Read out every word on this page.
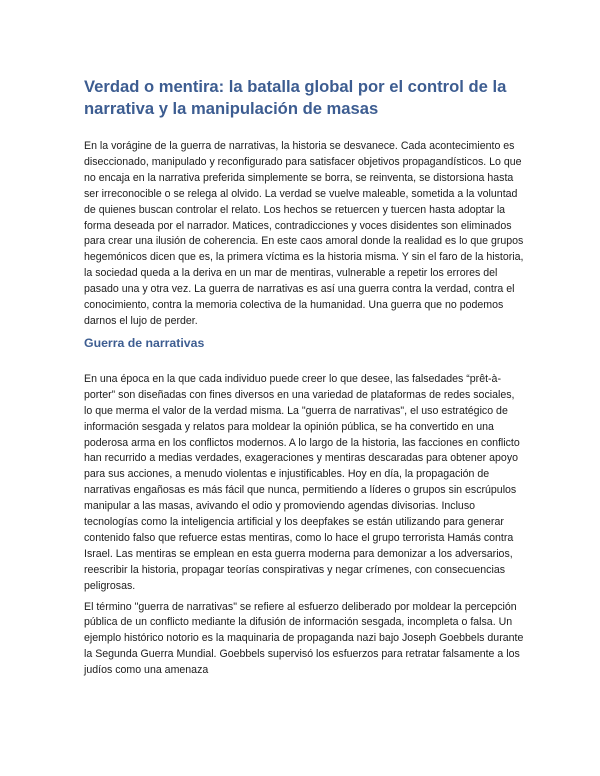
Verdad o mentira: la batalla global por el control de la narrativa y la manipulación de masas

En la vorágine de la guerra de narrativas, la historia se desvanece. Cada acontecimiento es diseccionado, manipulado y reconfigurado para satisfacer objetivos propagandísticos. Lo que no encaja en la narrativa preferida simplemente se borra, se reinventa, se distorsiona hasta ser irreconocible o se relega al olvido. La verdad se vuelve maleable, sometida a la voluntad de quienes buscan controlar el relato. Los hechos se retuercen y tuercen hasta adoptar la forma deseada por el narrador. Matices, contradicciones y voces disidentes son eliminados para crear una ilusión de coherencia. En este caos amoral donde la realidad es lo que grupos hegemónicos dicen que es, la primera víctima es la historia misma. Y sin el faro de la historia, la sociedad queda a la deriva en un mar de mentiras, vulnerable a repetir los errores del pasado una y otra vez. La guerra de narrativas es así una guerra contra la verdad, contra el conocimiento, contra la memoria colectiva de la humanidad. Una guerra que no podemos darnos el lujo de perder.

Guerra de narrativas

En una época en la que cada individuo puede creer lo que desee, las falsedades “prêt-à-porter” son diseñadas con fines diversos en una variedad de plataformas de redes sociales, lo que merma el valor de la verdad misma. La "guerra de narrativas", el uso estratégico de información sesgada y relatos para moldear la opinión pública, se ha convertido en una poderosa arma en los conflictos modernos. A lo largo de la historia, las facciones en conflicto han recurrido a medias verdades, exageraciones y mentiras descaradas para obtener apoyo para sus acciones, a menudo violentas e injustificables. Hoy en día, la propagación de narrativas engañosas es más fácil que nunca, permitiendo a líderes o grupos sin escrúpulos manipular a las masas, avivando el odio y promoviendo agendas divisorias. Incluso tecnologías como la inteligencia artificial y los deepfakes se están utilizando para generar contenido falso que refuerce estas mentiras, como lo hace el grupo terrorista Hamás contra Israel. Las mentiras se emplean en esta guerra moderna para demonizar a los adversarios, reescribir la historia, propagar teorías conspirativas y negar crímenes, con consecuencias peligrosas.

El término "guerra de narrativas" se refiere al esfuerzo deliberado por moldear la percepción pública de un conflicto mediante la difusión de información sesgada, incompleta o falsa. Un ejemplo histórico notorio es la maquinaria de propaganda nazi bajo Joseph Goebbels durante la Segunda Guerra Mundial. Goebbels supervisó los esfuerzos para retratar falsamente a los judíos como una amenaza
